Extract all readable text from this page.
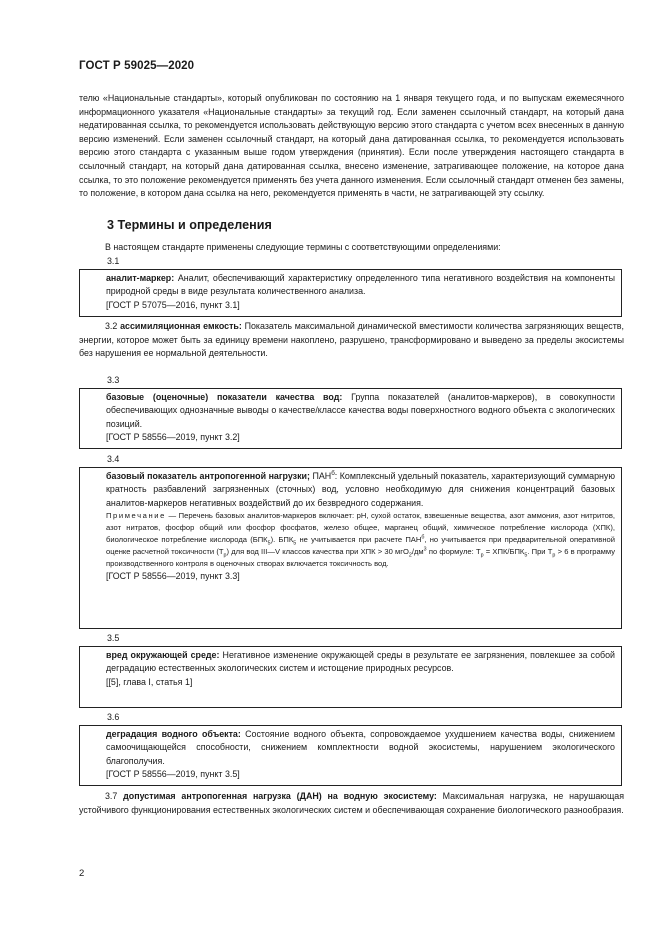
ГОСТ Р 59025—2020
телю «Национальные стандарты», который опубликован по состоянию на 1 января текущего года, и по выпускам ежемесячного информационного указателя «Национальные стандарты» за текущий год. Если заменен ссылочный стандарт, на который дана недатированная ссылка, то рекомендуется использовать действующую версию этого стандарта с учетом всех внесенных в данную версию изменений. Если заменен ссылочный стандарт, на который дана датированная ссылка, то рекомендуется использовать версию этого стандарта с указанным выше годом утверждения (принятия). Если после утверждения настоящего стандарта в ссылочный стандарт, на который дана датированная ссылка, внесено изменение, затрагивающее положение, на которое дана ссылка, то это положение рекомендуется применять без учета данного изменения. Если ссылочный стандарт отменен без замены, то положение, в котором дана ссылка на него, рекомендуется применять в части, не затрагивающей эту ссылку.
3 Термины и определения
В настоящем стандарте применены следующие термины с соответствующими определениями:
3.1

аналит-маркер: Аналит, обеспечивающий характеристику определенного типа негативного воздействия на компоненты природной среды в виде результата количественного анализа.

[ГОСТ Р 57075—2016, пункт 3.1]

3.2 ассимиляционная емкость: Показатель максимальной динамической вместимости количества загрязняющих веществ, энергии, которое может быть за единицу времени накоплено, разрушено, трансформировано и выведено за пределы экосистемы без нарушения ее нормальной деятельности.
3.3

базовые (оценочные) показатели качества вод: Группа показателей (аналитов-маркеров), в совокупности обеспечивающих однозначные выводы о качестве/классе качества воды поверхностного водного объекта с экологических позиций.

[ГОСТ Р 58556—2019, пункт 3.2]

3.4

базовый показатель антропогенной нагрузки; $ПАН^б$: Комплексный удельный показатель, характеризующий суммарную кратность разбавлений загрязненных (сточных) вод, условно необходимую для снижения концентраций базовых аналитов-маркеров негативных воздействий до их безвредного содержания.

Примечание — Перечень базовых аналитов-маркеров включает: pH, сухой остаток, взвешенные вещества, азот аммония, азот нитритов, азот нитратов, фосфор общий или фосфор фосфатов, железо общее, марганец общий, химическое потребление кислорода (ХПК), биологическое потребление кислорода $(БПК_5)$. $БПК_5$ не учитывается при расчете $ПАН^б$, но учитывается при предварительной оперативной оценке расчетной токсичности $(Т_р)$ для вод III—V классов качества при ХПК > 30 $мгО_2/дм^3$ по формуле: $Т_р = ХПК/БПК_5$. При $Т_р > 6$ в программу производственного контроля в оценочных створах включается токсичность вод.

[ГОСТ Р 58556—2019, пункт 3.3]

3.5

вред окружающей среде: Негативное изменение окружающей среды в результате ее загрязнения, повлекшее за собой деградацию естественных экологических систем и истощение природных ресурсов.

[[5], глава I, статья 1]

3.6

деградация водного объекта: Состояние водного объекта, сопровождаемое ухудшением качества воды, снижением самоочищающейся способности, снижением комплектности водной экосистемы, нарушением экологического благополучия.

[ГОСТ Р 58556—2019, пункт 3.5]

3.7 допустимая антропогенная нагрузка (ДАН) на водную экосистему: Максимальная нагрузка, не нарушающая устойчивого функционирования естественных экологических систем и обеспечивающая сохранение биологического разнообразия.
2
